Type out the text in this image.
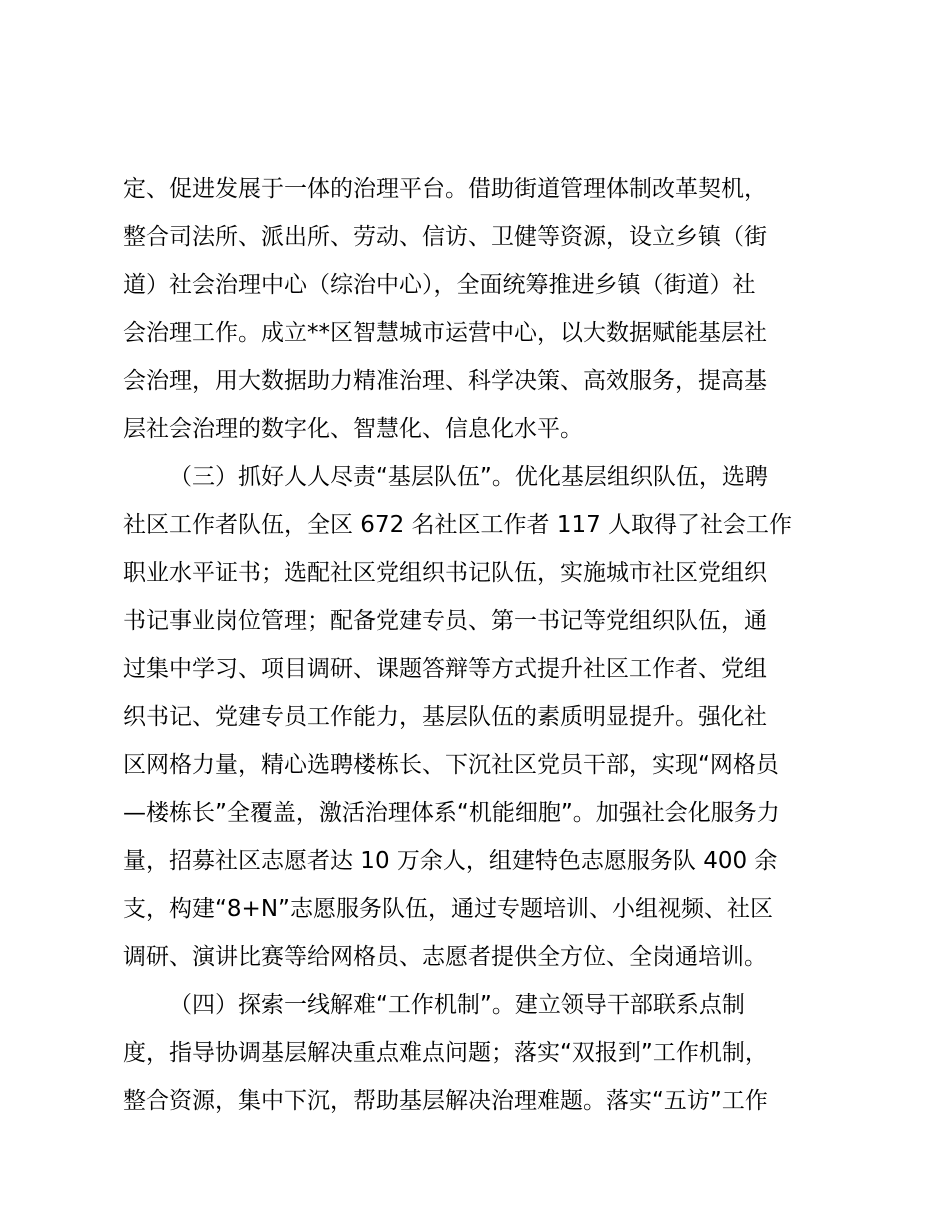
定、促进发展于一体的治理平台。借助街道管理体制改革契机，
整合司法所、派出所、劳动、信访、卫健等资源，设立乡镇（街
道）社会治理中心（综治中心），全面统筹推进乡镇（街道）社
会治理工作。成立**区智慧城市运营中心，以大数据赋能基层社
会治理，用大数据助力精准治理、科学决策、高效服务，提高基
层社会治理的数字化、智慧化、信息化水平。
（三）抓好人人尽责“基层队伍”。优化基层组织队伍，选聘
社区工作者队伍，全区 672 名社区工作者 117 人取得了社会工作
职业水平证书；选配社区党组织书记队伍，实施城市社区党组织
书记事业岗位管理；配备党建专员、第一书记等党组织队伍，通
过集中学习、项目调研、课题答辩等方式提升社区工作者、党组
织书记、党建专员工作能力，基层队伍的素质明显提升。强化社
区网格力量，精心选聘楼栋长、下沉社区党员干部，实现“网格员
—楼栋长”全覆盖，激活治理体系“机能细胞”。加强社会化服务力
量，招募社区志愿者达 10 万余人，组建特色志愿服务队 400 余
支，构建“8+N”志愿服务队伍，通过专题培训、小组视频、社区
调研、演讲比赛等给网格员、志愿者提供全方位、全岗通培训。
（四）探索一线解难“工作机制”。建立领导干部联系点制
度，指导协调基层解决重点难点问题；落实“双报到”工作机制，
整合资源，集中下沉，帮助基层解决治理难题。落实“五访”工作
